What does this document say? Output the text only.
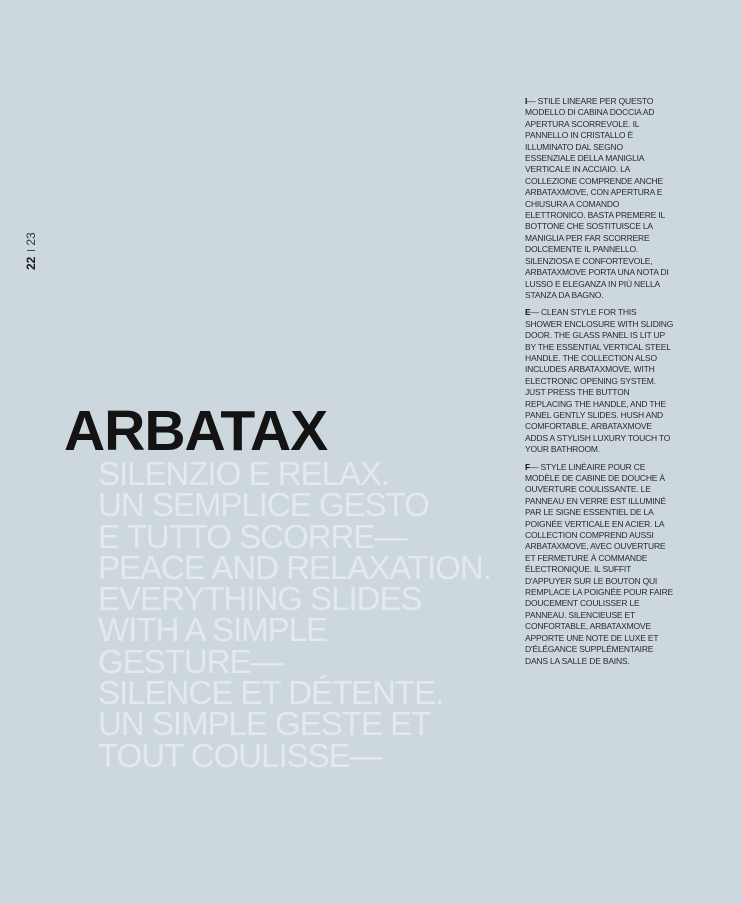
2223
ARBATAX
SILENZIO E RELAX.
UN SEMPLICE GESTO
E TUTTO SCORRE—
PEACE AND RELAXATION.
EVERYTHING SLIDES
WITH A SIMPLE
GESTURE—
SILENCE ET DÉTENTE.
UN SIMPLE GESTE ET
TOUT COULISSE—

I— STILE LINEARE PER QUESTO MODELLO DI CABINA DOCCIA AD APERTURA SCORREVOLE. IL PANNELLO IN CRISTALLO È ILLUMINATO DAL SEGNO ESSENZIALE DELLA MANIGLIA VERTICALE IN ACCIAIO. LA COLLEZIONE COMPRENDE ANCHE ARBATAXMOVE, CON APERTURA E CHIUSURA A COMANDO ELETTRONICO. BASTA PREMERE IL BOTTONE CHE SOSTITUISCE LA MANIGLIA PER FAR SCORRERE DOLCEMENTE IL PANNELLO. SILENZIOSA E CONFORTEVOLE, ARBATAXMOVE PORTA UNA NOTA DI LUSSO E ELEGANZA IN PIÙ NELLA STANZA DA BAGNO.

E— CLEAN STYLE FOR THIS SHOWER ENCLOSURE WITH SLIDING DOOR. THE GLASS PANEL IS LIT UP BY THE ESSENTIAL VERTICAL STEEL HANDLE. THE COLLECTION ALSO INCLUDES ARBATAXMOVE, WITH ELECTRONIC OPENING SYSTEM. JUST PRESS THE BUTTON REPLACING THE HANDLE, AND THE PANEL GENTLY SLIDES. HUSH AND COMFORTABLE, ARBATAXMOVE ADDS A STYLISH LUXURY TOUCH TO YOUR BATHROOM.

F— STYLE LINÉAIRE POUR CE MODÈLE DE CABINE DE DOUCHE À OUVERTURE COULISSANTE. LE PANNEAU EN VERRE EST ILLUMINÉ PAR LE SIGNE ESSENTIEL DE LA POIGNÉE VERTICALE EN ACIER. LA COLLECTION COMPREND AUSSI ARBATAXMOVE, AVEC OUVERTURE ET FERMETURE À COMMANDE ÉLECTRONIQUE. IL SUFFIT D'APPUYER SUR LE BOUTON QUI REMPLACE LA POIGNÉE POUR FAIRE DOUCEMENT COULISSER LE PANNEAU. SILENCIEUSE ET CONFORTABLE, ARBATAXMOVE APPORTE UNE NOTE DE LUXE ET D'ÉLÉGANCE SUPPLÉMENTAIRE DANS LA SALLE DE BAINS.
